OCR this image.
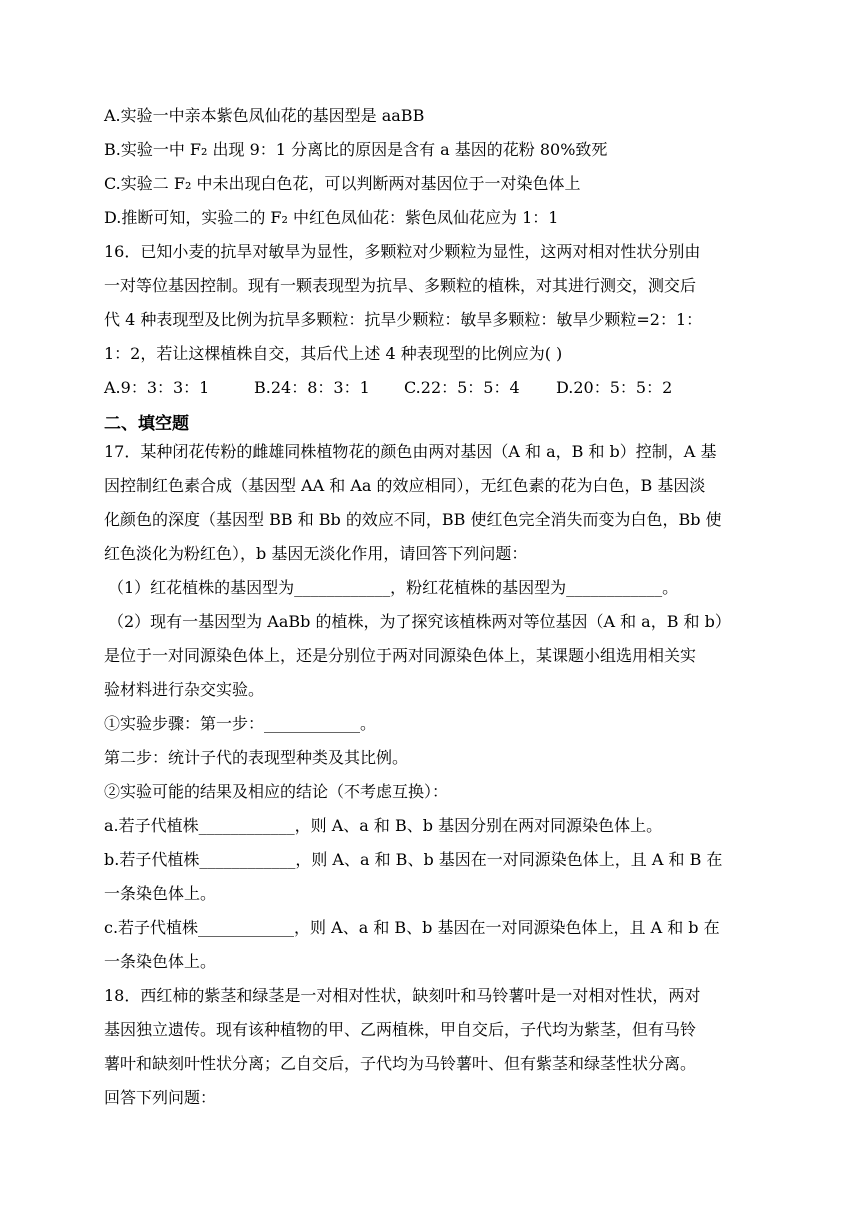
A.实验一中亲本紫色凤仙花的基因型是 aaBB
B.实验一中 F₂ 出现 9：1 分离比的原因是含有 a 基因的花粉 80%致死
C.实验二 F₂ 中未出现白色花，可以判断两对基因位于一对染色体上
D.推断可知，实验二的 F₂ 中红色凤仙花：紫色凤仙花应为 1：1
16．已知小麦的抗旱对敏旱为显性，多颗粒对少颗粒为显性，这两对相对性状分别由
一对等位基因控制。现有一颗表现型为抗旱、多颗粒的植株，对其进行测交，测交后
代 4 种表现型及比例为抗旱多颗粒：抗旱少颗粒：敏旱多颗粒：敏旱少颗粒=2：1：
1：2，若让这棵植株自交，其后代上述 4 种表现型的比例应为( )
A.9：3：3：1	B.24：8：3：1 C.22：5：5：4 D.20：5：5：2
二、填空题
17．某种闭花传粉的雌雄同株植物花的颜色由两对基因（A 和 a，B 和 b）控制，A 基
因控制红色素合成（基因型 AA 和 Aa 的效应相同），无红色素的花为白色，B 基因淡
化颜色的深度（基因型 BB 和 Bb 的效应不同，BB 使红色完全消失而变为白色，Bb 使
红色淡化为粉红色），b 基因无淡化作用，请回答下列问题：
（1）红花植株的基因型为____________，粉红花植株的基因型为____________。
（2）现有一基因型为 AaBb 的植株，为了探究该植株两对等位基因（A 和 a，B 和 b）
是位于一对同源染色体上，还是分别位于两对同源染色体上，某课题小组选用相关实
验材料进行杂交实验。
①实验步骤：第一步：____________。
第二步：统计子代的表现型种类及其比例。
②实验可能的结果及相应的结论（不考虑互换）：
a.若子代植株____________，则 A、a 和 B、b 基因分别在两对同源染色体上。
b.若子代植株____________，则 A、a 和 B、b 基因在一对同源染色体上，且 A 和 B 在
一条染色体上。
c.若子代植株____________，则 A、a 和 B、b 基因在一对同源染色体上，且 A 和 b 在
一条染色体上。
18．西红柿的紫茎和绿茎是一对相对性状，缺刻叶和马铃薯叶是一对相对性状，两对
基因独立遗传。现有该种植物的甲、乙两植株，甲自交后，子代均为紫茎，但有马铃
薯叶和缺刻叶性状分离；乙自交后，子代均为马铃薯叶、但有紫茎和绿茎性状分离。
回答下列问题：
